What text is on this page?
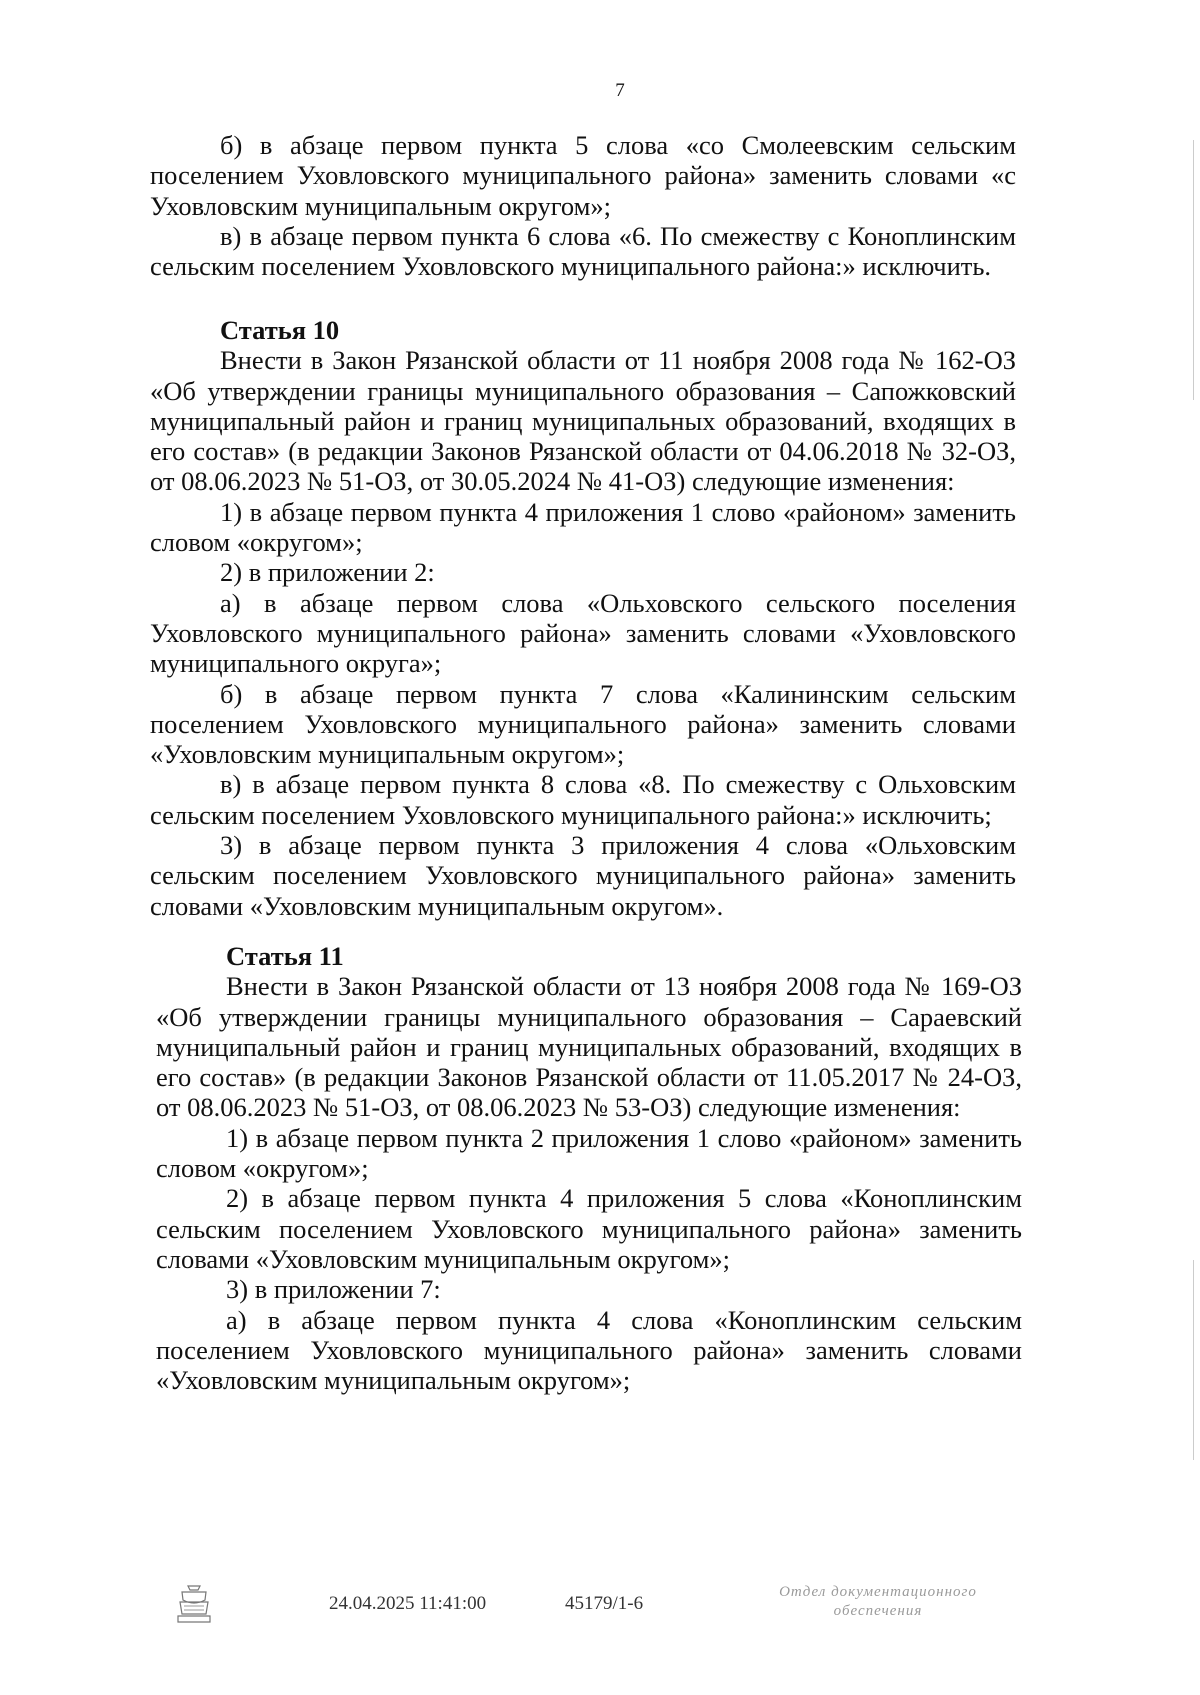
7

б) в абзаце первом пункта 5 слова «со Смолеевским сельским поселением Уховловского муниципального района» заменить словами «с Уховловским муниципальным округом»;

в) в абзаце первом пункта 6 слова «6. По смежеству с Коноплинским сельским поселением Уховловского муниципального района:» исключить.

Статья 10

Внести в Закон Рязанской области от 11 ноября 2008 года № 162-ОЗ «Об утверждении границы муниципального образования – Сапожковский муниципальный район и границ муниципальных образований, входящих в его состав» (в редакции Законов Рязанской области от 04.06.2018 № 32-ОЗ, от 08.06.2023 № 51-ОЗ, от 30.05.2024 № 41-ОЗ) следующие изменения:

1) в абзаце первом пункта 4 приложения 1 слово «районом» заменить словом «округом»;

2) в приложении 2:

а) в абзаце первом слова «Ольховского сельского поселения Уховловского муниципального района» заменить словами «Уховловского муниципального округа»;

б) в абзаце первом пункта 7 слова «Калининским сельским поселением Уховловского муниципального района» заменить словами «Уховловским муниципальным округом»;

в) в абзаце первом пункта 8 слова «8. По смежеству с Ольховским сельским поселением Уховловского муниципального района:» исключить;

3) в абзаце первом пункта 3 приложения 4 слова «Ольховским сельским поселением Уховловского муниципального района» заменить словами «Уховловским муниципальным округом».

Статья 11

Внести в Закон Рязанской области от 13 ноября 2008 года № 169-ОЗ «Об утверждении границы муниципального образования – Сараевский муниципальный район и границ муниципальных образований, входящих в его состав» (в редакции Законов Рязанской области от 11.05.2017 № 24-ОЗ, от 08.06.2023 № 51-ОЗ, от 08.06.2023 № 53-ОЗ) следующие изменения:

1) в абзаце первом пункта 2 приложения 1 слово «районом» заменить словом «округом»;

2) в абзаце первом пункта 4 приложения 5 слова «Коноплинским сельским поселением Уховловского муниципального района» заменить словами «Уховловским муниципальным округом»;

3) в приложении 7:

а) в абзаце первом пункта 4 слова «Коноплинским сельским поселением Уховловского муниципального района» заменить словами «Уховловским муниципальным округом»;

24.04.2025 11:41:00	45179/1-6
Отдел документационного
обеспечения
